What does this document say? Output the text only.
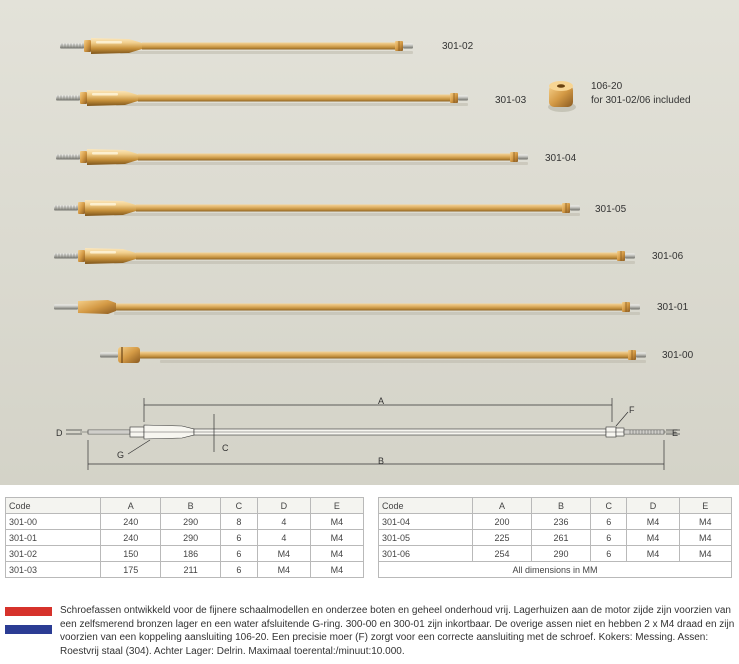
301-02
301-03
301-04
301-05
301-06
301-01
301-00
106-20
for 301-02/06 included
A
B
C
D	E
F
G
Code	A	B	C	D	E
301-00	240	290	8	4	M4
301-01	240	290	6	4	M4
301-02	150	186	6	M4	M4
301-03	175	211	6	M4	M4
Code	A	B	C	D	E
301-04	200	236	6	M4	M4
301-05	225	261	6	M4	M4
301-06	254	290	6	M4	M4
All dimensions in MM					

Schroefassen ontwikkeld voor de fijnere schaalmodellen en onderzee boten en geheel onderhoud vrij. Lagerhuizen aan de motor zijde zijn voorzien van een zelfsmerend bronzen lager en een water afsluitende G-ring. 300-00 en 300-01 zijn inkortbaar. De overige assen niet en hebben 2 x M4 draad en zijn voorzien van een koppeling aansluiting 106-20. Een precisie moer (F) zorgt voor een correcte aansluiting met de schroef. Kokers: Messing. Assen: Roestvrij staal (304). Achter Lager: Delrin. Maximaal toerental:/minuut:10.000.
